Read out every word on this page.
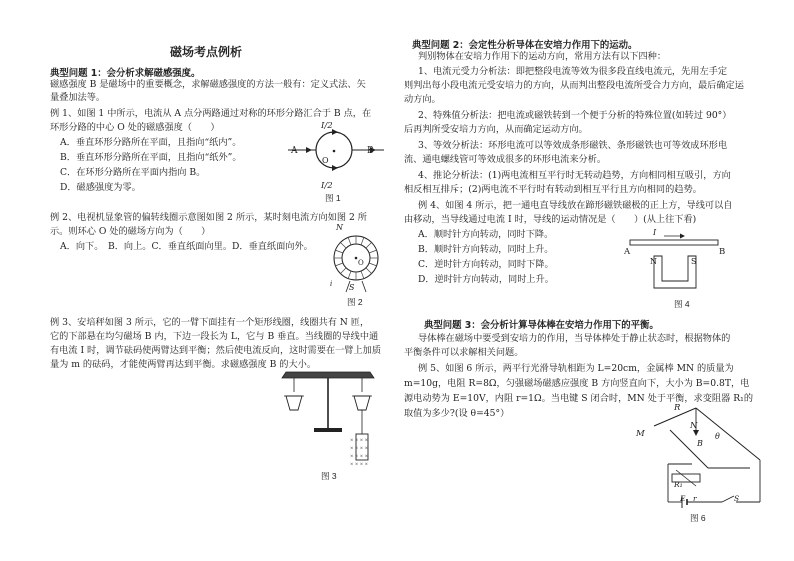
磁场考点例析
典型问题 1：会分析求解磁感强度。
磁感强度 B 是磁场中的重要概念，求解磁感强度的方法一般有：定义式法、矢
量叠加法等。
例 1、如图 1 中所示，电流从 A 点分两路通过对称的环形分路汇合于 B 点，在
环形分路的中心 O 处的磁感强度（　　）
A．垂直环形分路所在平面，且指向“纸内”。
B．垂直环形分路所在平面，且指向“纸外”。
C．在环形分路所在平面内指向 B。
D．磁感强度为零。
I/2
I/2
A	B
O
图 1
例 2、电视机显象管的偏转线圈示意图如图 2 所示，某时刻电流方向如图 2 所
示。则环心 O 处的磁场方向为（　　）
A．向下。　B．向上。C．垂直纸面向里。D．垂直纸面向外。
N
S
O
i
图 2
例 3、安培秤如图 3 所示，它的一臂下面挂有一个矩形线圈，线圈共有 N 匝，
它的下部悬在均匀磁场 B 内，下边一段长为 L，它与 B 垂直。当线圈的导线中通
有电流 I 时，调节砝码使两臂达到平衡；然后使电流反向，这时需要在一臂上加质
量为 m 的砝码，才能使两臂再达到平衡。求磁感强度 B 的大小。
× × × ×
× × × ×
× × × ×
× × × ×
图 3
典型问题 2：会定性分析导体在安培力作用下的运动。
判别物体在安培力作用下的运动方向，常用方法有以下四种：
1、电流元受力分析法：即把整段电流等效为很多段直线电流元，先用左手定
则判出每小段电流元受安培力的方向，从而判出整段电流所受合力方向，最后确定运
动方向。
2、特殊值分析法：把电流或磁铁转到一个便于分析的特殊位置(如转过 90°）
后再判所受安培力方向，从而确定运动方向。
3、等效分析法：环形电流可以等效成条形磁铁、条形磁铁也可等效成环形电
流、通电螺线管可等效成很多的环形电流来分析。
4、推论分析法：(1)两电流相互平行时无转动趋势，方向相同相互吸引，方向
相反相互排斥；(2)两电流不平行时有转动到相互平行且方向相同的趋势。
例 4、如图 4 所示，把一通电直导线放在蹄形磁铁磁极的正上方，导线可以自
由移动，当导线通过电流 I 时，导线的运动情况是（　　）(从上往下看)
A．顺时针方向转动，同时下降。
B．顺时针方向转动，同时上升。
C．逆时针方向转动，同时下降。
D．逆时针方向转动，同时上升。
I
A	B
N	S
图 4
典型问题 3：会分析计算导体棒在安培力作用下的平衡。
导体棒在磁场中要受到安培力的作用，当导体棒处于静止状态时，根据物体的
平衡条件可以求解相关问题。
例 5、如图 6 所示，两平行光滑导轨相距为 L=20cm，金属棒 MN 的质量为
m=10g，电阻 R=8Ω，匀强磁场磁感应强度 B 方向竖直向下，大小为 B=0.8T，电
源电动势为 E=10V，内阻 r=1Ω。当电键 S 闭合时，MN 处于平衡，求变阻器 R₁的
取值为多少?(设 θ=45°）
M
R
N
B
θ
R₁
E r	S
图 6
